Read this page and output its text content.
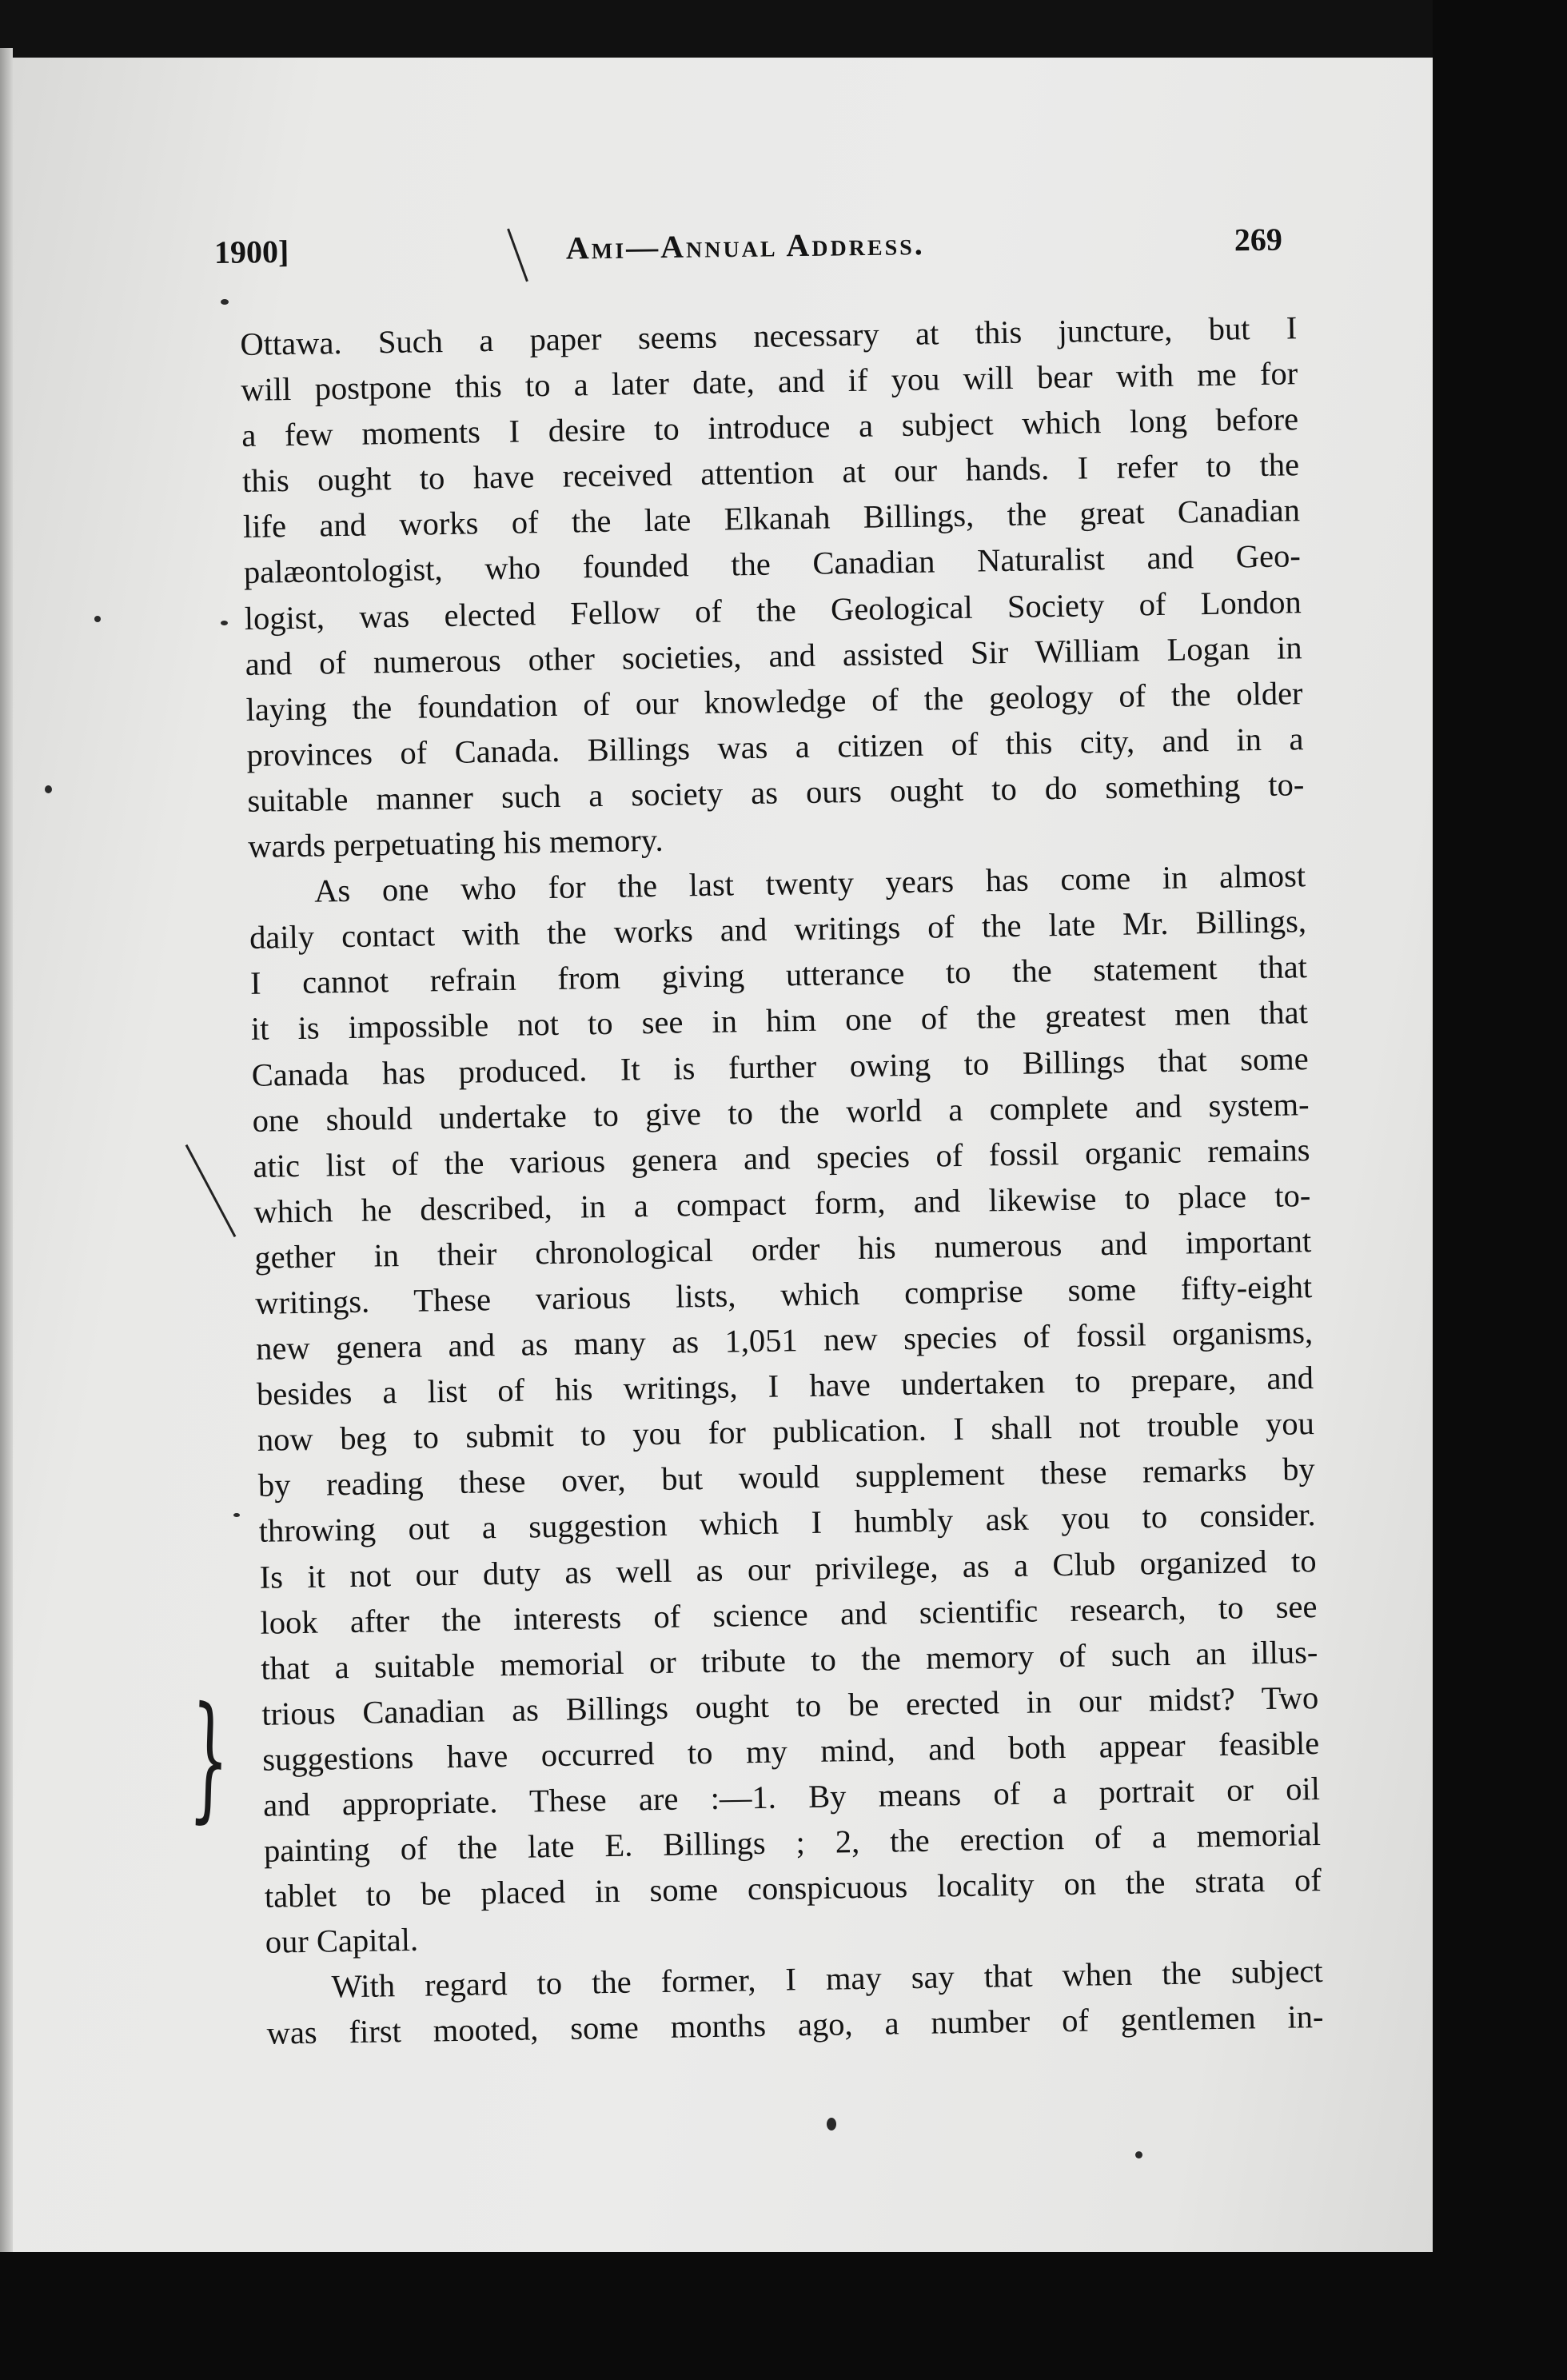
1900]	Ami—Annual Address.	269
}
Ottawa. Such a paper seems necessary at this juncture, but I
will postpone this to a later date, and if you will bear with me for
a few moments I desire to introduce a subject which long before
this ought to have received attention at our hands. I refer to the
life and works of the late Elkanah Billings, the great Canadian
palæontologist, who founded the Canadian Naturalist and Geo-
logist, was elected Fellow of the Geological Society of London
and of numerous other societies, and assisted Sir William Logan in
laying the foundation of our knowledge of the geology of the older
provinces of Canada. Billings was a citizen of this city, and in a
suitable manner such a society as ours ought to do something to-
wards perpetuating his memory.
As one who for the last twenty years has come in almost
daily contact with the works and writings of the late Mr. Billings,
I cannot refrain from giving utterance to the statement that
it is impossible not to see in him one of the greatest men that
Canada has produced. It is further owing to Billings that some
one should undertake to give to the world a complete and system-
atic list of the various genera and species of fossil organic remains
which he described, in a compact form, and likewise to place to-
gether in their chronological order his numerous and important
writings. These various lists, which comprise some fifty-eight
new genera and as many as 1,051 new species of fossil organisms,
besides a list of his writings, I have undertaken to prepare, and
now beg to submit to you for publication. I shall not trouble you
by reading these over, but would supplement these remarks by
throwing out a suggestion which I humbly ask you to consider.
Is it not our duty as well as our privilege, as a Club organized to
look after the interests of science and scientific research, to see
that a suitable memorial or tribute to the memory of such an illus-
trious Canadian as Billings ought to be erected in our midst? Two
suggestions have occurred to my mind, and both appear feasible
and appropriate. These are :—1. By means of a portrait or oil
painting of the late E. Billings ; 2, the erection of a memorial
tablet to be placed in some conspicuous locality on the strata of
our Capital.
With regard to the former, I may say that when the subject
was first mooted, some months ago, a number of gentlemen in-
